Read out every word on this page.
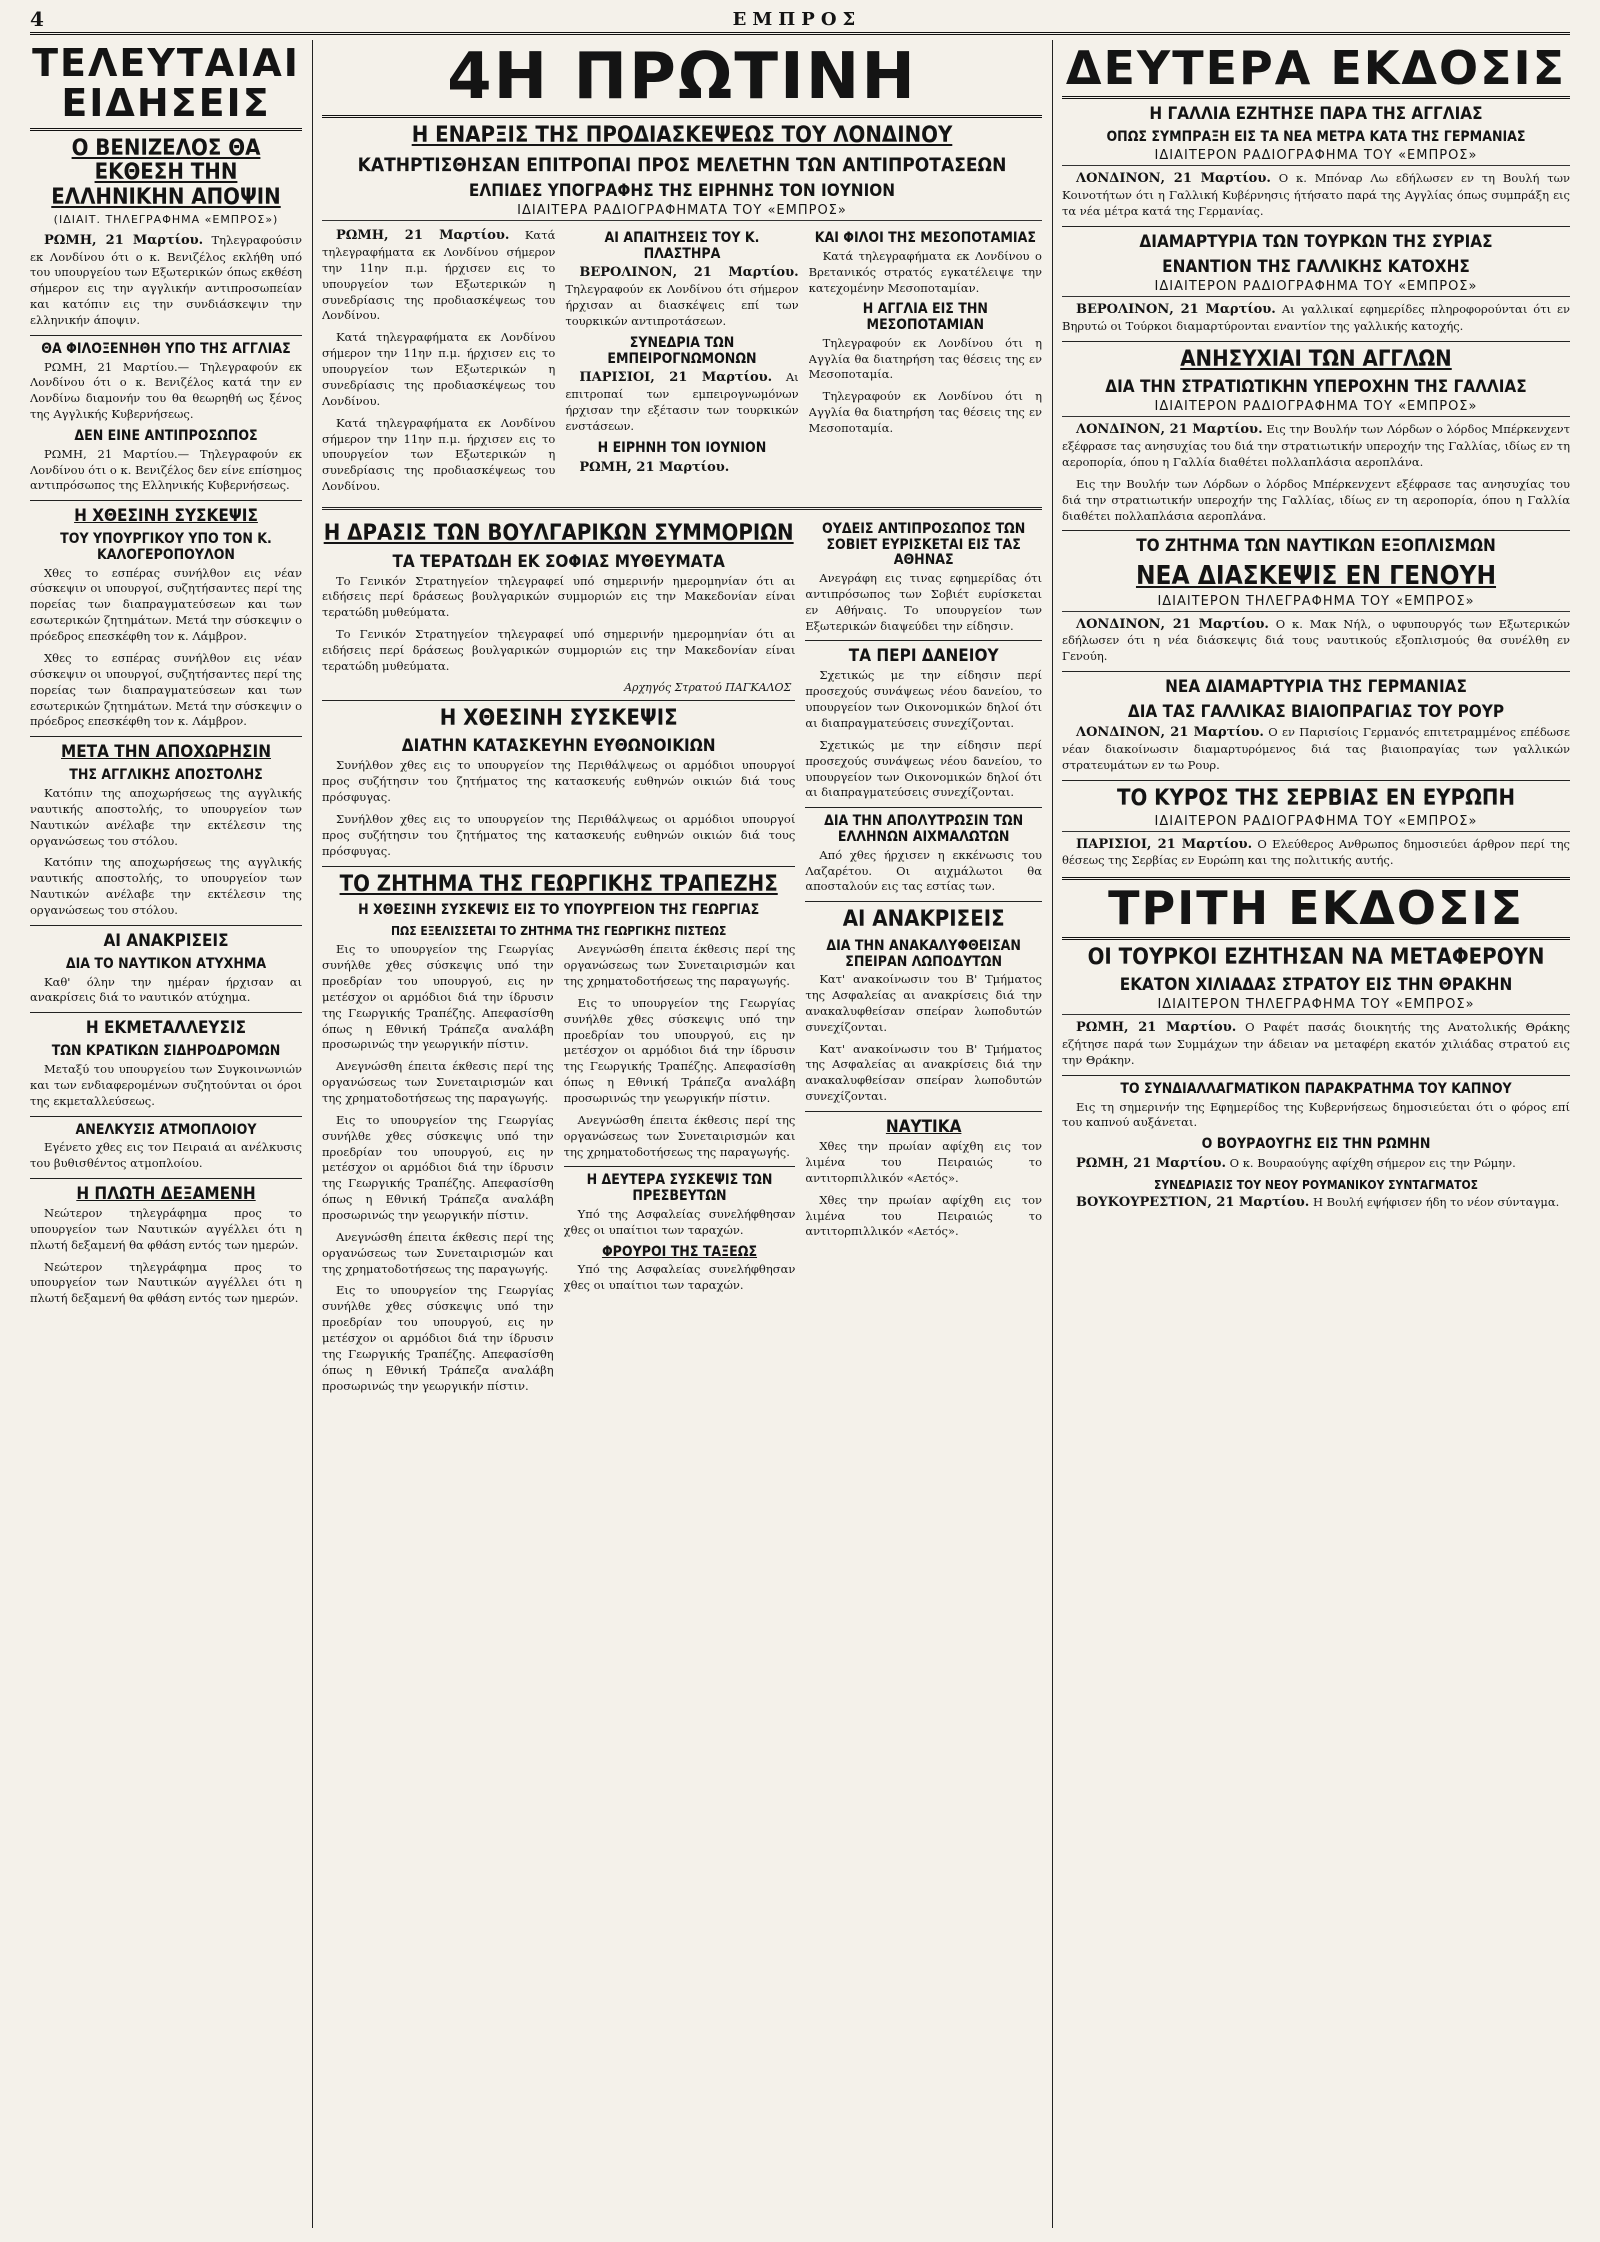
4	ΕΜΠΡΟΣ
ΤΕΛΕΥΤΑΙΑΙ ΕΙΔΗΣΕΙΣ
Ο ΒΕΝΙΖΕΛΟΣ ΘΑ ΕΚΘΕΣΗ ΤΗΝ ΕΛΛΗΝΙΚΗΝ ΑΠΟΨΙΝ
(ΙΔΙΑΙΤ. ΤΗΛΕΓΡΑΦΗΜΑ «ΕΜΠΡΟΣ»)

ΡΩΜΗ, 21 Μαρτίου. Τηλεγραφούσιν εκ Λονδίνου ότι ο κ. Βενιζέλος εκλήθη υπό του υπουργείου των Εξωτερικών όπως εκθέση σήμερον εις την αγγλικήν αντιπροσωπείαν και κατόπιν εις την συνδιάσκεψιν την ελληνικήν άποψιν.

ΘΑ ΦΙΛΟΞΕΝΗΘΗ ΥΠΟ ΤΗΣ ΑΓΓΛΙΑΣ

ΡΩΜΗ, 21 Μαρτίου.— Τηλεγραφούν εκ Λονδίνου ότι ο κ. Βενιζέλος κατά την εν Λονδίνω διαμονήν του θα θεωρηθή ως ξένος της Αγγλικής Κυβερνήσεως.

ΔΕΝ ΕΙΝΕ ΑΝΤΙΠΡΟΣΩΠΟΣ

ΡΩΜΗ, 21 Μαρτίου.— Τηλεγραφούν εκ Λονδίνου ότι ο κ. Βενιζέλος δεν είνε επίσημος αντιπρόσωπος της Ελληνικής Κυβερνήσεως.

Η ΧΘΕΣΙΝΗ ΣΥΣΚΕΨΙΣ
ΤΟΥ ΥΠΟΥΡΓΙΚΟΥ ΥΠΟ ΤΟΝ Κ. ΚΑΛΟΓΕΡΟΠΟΥΛΟΝ

Χθες το εσπέρας συνήλθον εις νέαν σύσκεψιν οι υπουργοί, συζητήσαντες περί της πορείας των διαπραγματεύσεων και των εσωτερικών ζητημάτων. Μετά την σύσκεψιν ο πρόεδρος επεσκέφθη τον κ. Λάμβρον.

Χθες το εσπέρας συνήλθον εις νέαν σύσκεψιν οι υπουργοί, συζητήσαντες περί της πορείας των διαπραγματεύσεων και των εσωτερικών ζητημάτων. Μετά την σύσκεψιν ο πρόεδρος επεσκέφθη τον κ. Λάμβρον.

ΜΕΤΑ ΤΗΝ ΑΠΟΧΩΡΗΣΙΝ
ΤΗΣ ΑΓΓΛΙΚΗΣ ΑΠΟΣΤΟΛΗΣ

Κατόπιν της αποχωρήσεως της αγγλικής ναυτικής αποστολής, το υπουργείον των Ναυτικών ανέλαβε την εκτέλεσιν της οργανώσεως του στόλου.

Κατόπιν της αποχωρήσεως της αγγλικής ναυτικής αποστολής, το υπουργείον των Ναυτικών ανέλαβε την εκτέλεσιν της οργανώσεως του στόλου.

ΑΙ ΑΝΑΚΡΙΣΕΙΣ
ΔΙΑ ΤΟ ΝΑΥΤΙΚΟΝ ΑΤΥΧΗΜΑ

Καθ' όλην την ημέραν ήρχισαν αι ανακρίσεις διά το ναυτικόν ατύχημα.

Η ΕΚΜΕΤΑΛΛΕΥΣΙΣ
ΤΩΝ ΚΡΑΤΙΚΩΝ ΣΙΔΗΡΟΔΡΟΜΩΝ

Μεταξύ του υπουργείου των Συγκοινωνιών και των ενδιαφερομένων συζητούνται οι όροι της εκμεταλλεύσεως.

ΑΝΕΛΚΥΣΙΣ ΑΤΜΟΠΛΟΙΟΥ

Εγένετο χθες εις τον Πειραιά αι ανέλκυσις του βυθισθέντος ατμοπλοίου.

Η ΠΛΩΤΗ ΔΕΞΑΜΕΝΗ

Νεώτερον τηλεγράφημα προς το υπουργείον των Ναυτικών αγγέλλει ότι η πλωτή δεξαμενή θα φθάση εντός των ημερών.

Νεώτερον τηλεγράφημα προς το υπουργείον των Ναυτικών αγγέλλει ότι η πλωτή δεξαμενή θα φθάση εντός των ημερών.

4Η ΠΡΩΤΙΝΗ
Η ΕΝΑΡΞΙΣ ΤΗΣ ΠΡΟΔΙΑΣΚΕΨΕΩΣ ΤΟΥ ΛΟΝΔΙΝΟΥ
ΚΑΤΗΡΤΙΣΘΗΣΑΝ ΕΠΙΤΡΟΠΑΙ ΠΡΟΣ ΜΕΛΕΤΗΝ ΤΩΝ ΑΝΤΙΠΡΟΤΑΣΕΩΝ
ΕΛΠΙΔΕΣ ΥΠΟΓΡΑΦΗΣ ΤΗΣ ΕΙΡΗΝΗΣ ΤΟΝ ΙΟΥΝΙΟΝ
ΙΔΙΑΙΤΕΡΑ ΡΑΔΙΟΓΡΑΦΗΜΑΤΑ ΤΟΥ «ΕΜΠΡΟΣ»

ΡΩΜΗ, 21 Μαρτίου. Κατά τηλεγραφήματα εκ Λονδίνου σήμερον την 11ην π.μ. ήρχισεν εις το υπουργείον των Εξωτερικών η συνεδρίασις της προδιασκέψεως του Λονδίνου.

Κατά τηλεγραφήματα εκ Λονδίνου σήμερον την 11ην π.μ. ήρχισεν εις το υπουργείον των Εξωτερικών η συνεδρίασις της προδιασκέψεως του Λονδίνου.

Κατά τηλεγραφήματα εκ Λονδίνου σήμερον την 11ην π.μ. ήρχισεν εις το υπουργείον των Εξωτερικών η συνεδρίασις της προδιασκέψεως του Λονδίνου.

ΑΙ ΑΠΑΙΤΗΣΕΙΣ ΤΟΥ Κ. ΠΛΑΣΤΗΡΑ

ΒΕΡΟΛΙΝΟΝ, 21 Μαρτίου. Τηλεγραφούν εκ Λονδίνου ότι σήμερον ήρχισαν αι διασκέψεις επί των τουρκικών αντιπροτάσεων.

ΣΥΝΕΔΡΙΑ ΤΩΝ ΕΜΠΕΙΡΟΓΝΩΜΟΝΩΝ

ΠΑΡΙΣΙΟΙ, 21 Μαρτίου. Αι επιτροπαί των εμπειρογνωμόνων ήρχισαν την εξέτασιν των τουρκικών ενστάσεων.

Η ΕΙΡΗΝΗ ΤΟΝ ΙΟΥΝΙΟΝ

ΡΩΜΗ, 21 Μαρτίου.

ΚΑΙ ΦΙΛΟΙ ΤΗΣ ΜΕΣΟΠΟΤΑΜΙΑΣ

Κατά τηλεγραφήματα εκ Λονδίνου ο Βρετανικός στρατός εγκατέλειψε την κατεχομένην Μεσοποταμίαν.

Η ΑΓΓΛΙΑ ΕΙΣ ΤΗΝ ΜΕΣΟΠΟΤΑΜΙΑΝ

Τηλεγραφούν εκ Λονδίνου ότι η Αγγλία θα διατηρήση τας θέσεις της εν Μεσοποταμία.

Τηλεγραφούν εκ Λονδίνου ότι η Αγγλία θα διατηρήση τας θέσεις της εν Μεσοποταμία.

Η ΔΡΑΣΙΣ ΤΩΝ ΒΟΥΛΓΑΡΙΚΩΝ ΣΥΜΜΟΡΙΩΝ
ΤΑ ΤΕΡΑΤΩΔΗ ΕΚ ΣΟΦΙΑΣ ΜΥΘΕΥΜΑΤΑ

Το Γενικόν Στρατηγείον τηλεγραφεί υπό σημερινήν ημερομηνίαν ότι αι ειδήσεις περί δράσεως βουλγαρικών συμμοριών εις την Μακεδονίαν είναι τερατώδη μυθεύματα.

Το Γενικόν Στρατηγείον τηλεγραφεί υπό σημερινήν ημερομηνίαν ότι αι ειδήσεις περί δράσεως βουλγαρικών συμμοριών εις την Μακεδονίαν είναι τερατώδη μυθεύματα.

Αρχηγός Στρατού ΠΑΓΚΑΛΟΣ
Η ΧΘΕΣΙΝΗ ΣΥΣΚΕΨΙΣ
ΔΙΑΤΗΝ ΚΑΤΑΣΚΕΥΗΝ ΕΥΘΩΝΟΙΚΙΩΝ

Συνήλθον χθες εις το υπουργείον της Περιθάλψεως οι αρμόδιοι υπουργοί προς συζήτησιν του ζητήματος της κατασκευής ευθηνών οικιών διά τους πρόσφυγας.

Συνήλθον χθες εις το υπουργείον της Περιθάλψεως οι αρμόδιοι υπουργοί προς συζήτησιν του ζητήματος της κατασκευής ευθηνών οικιών διά τους πρόσφυγας.

ΤΟ ΖΗΤΗΜΑ ΤΗΣ ΓΕΩΡΓΙΚΗΣ ΤΡΑΠΕΖΗΣ
Η ΧΘΕΣΙΝΗ ΣΥΣΚΕΨΙΣ ΕΙΣ ΤΟ ΥΠΟΥΡΓΕΙΟΝ ΤΗΣ ΓΕΩΡΓΙΑΣ
ΠΩΣ ΕΞΕΛΙΣΣΕΤΑΙ ΤΟ ΖΗΤΗΜΑ ΤΗΣ ΓΕΩΡΓΙΚΗΣ ΠΙΣΤΕΩΣ

Εις το υπουργείον της Γεωργίας συνήλθε χθες σύσκεψις υπό την προεδρίαν του υπουργού, εις ην μετέσχον οι αρμόδιοι διά την ίδρυσιν της Γεωργικής Τραπέζης. Απεφασίσθη όπως η Εθνική Τράπεζα αναλάβη προσωρινώς την γεωργικήν πίστιν.

Ανεγνώσθη έπειτα έκθεσις περί της οργανώσεως των Συνεταιρισμών και της χρηματοδοτήσεως της παραγωγής.

Εις το υπουργείον της Γεωργίας συνήλθε χθες σύσκεψις υπό την προεδρίαν του υπουργού, εις ην μετέσχον οι αρμόδιοι διά την ίδρυσιν της Γεωργικής Τραπέζης. Απεφασίσθη όπως η Εθνική Τράπεζα αναλάβη προσωρινώς την γεωργικήν πίστιν.

Ανεγνώσθη έπειτα έκθεσις περί της οργανώσεως των Συνεταιρισμών και της χρηματοδοτήσεως της παραγωγής.

Εις το υπουργείον της Γεωργίας συνήλθε χθες σύσκεψις υπό την προεδρίαν του υπουργού, εις ην μετέσχον οι αρμόδιοι διά την ίδρυσιν της Γεωργικής Τραπέζης. Απεφασίσθη όπως η Εθνική Τράπεζα αναλάβη προσωρινώς την γεωργικήν πίστιν.

Ανεγνώσθη έπειτα έκθεσις περί της οργανώσεως των Συνεταιρισμών και της χρηματοδοτήσεως της παραγωγής.

Εις το υπουργείον της Γεωργίας συνήλθε χθες σύσκεψις υπό την προεδρίαν του υπουργού, εις ην μετέσχον οι αρμόδιοι διά την ίδρυσιν της Γεωργικής Τραπέζης. Απεφασίσθη όπως η Εθνική Τράπεζα αναλάβη προσωρινώς την γεωργικήν πίστιν.

Ανεγνώσθη έπειτα έκθεσις περί της οργανώσεως των Συνεταιρισμών και της χρηματοδοτήσεως της παραγωγής.

Η ΔΕΥΤΕΡΑ ΣΥΣΚΕΨΙΣ ΤΩΝ ΠΡΕΣΒΕΥΤΩΝ

Υπό της Ασφαλείας συνελήφθησαν χθες οι υπαίτιοι των ταραχών.

ΦΡΟΥΡΟΙ ΤΗΣ ΤΑΞΕΩΣ

Υπό της Ασφαλείας συνελήφθησαν χθες οι υπαίτιοι των ταραχών.

ΟΥΔΕΙΣ ΑΝΤΙΠΡΟΣΩΠΟΣ ΤΩΝ ΣΟΒΙΕΤ ΕΥΡΙΣΚΕΤΑΙ ΕΙΣ ΤΑΣ ΑΘΗΝΑΣ

Ανεγράφη εις τινας εφημερίδας ότι αντιπρόσωπος των Σοβιέτ ευρίσκεται εν Αθήναις. Το υπουργείον των Εξωτερικών διαψεύδει την είδησιν.

ΤΑ ΠΕΡΙ ΔΑΝΕΙΟΥ

Σχετικώς με την είδησιν περί προσεχούς συνάψεως νέου δανείου, το υπουργείον των Οικονομικών δηλοί ότι αι διαπραγματεύσεις συνεχίζονται.

Σχετικώς με την είδησιν περί προσεχούς συνάψεως νέου δανείου, το υπουργείον των Οικονομικών δηλοί ότι αι διαπραγματεύσεις συνεχίζονται.

ΔΙΑ ΤΗΝ ΑΠΟΛΥΤΡΩΣΙΝ ΤΩΝ ΕΛΛΗΝΩΝ ΑΙΧΜΑΛΩΤΩΝ

Από χθες ήρχισεν η εκκένωσις του Λαζαρέτου. Οι αιχμάλωτοι θα αποσταλούν εις τας εστίας των.

ΑΙ ΑΝΑΚΡΙΣΕΙΣ
ΔΙΑ ΤΗΝ ΑΝΑΚΑΛΥΦΘΕΙΣΑΝ ΣΠΕΙΡΑΝ ΛΩΠΟΔΥΤΩΝ

Κατ' ανακοίνωσιν του Β' Τμήματος της Ασφαλείας αι ανακρίσεις διά την ανακαλυφθείσαν σπείραν λωποδυτών συνεχίζονται.

Κατ' ανακοίνωσιν του Β' Τμήματος της Ασφαλείας αι ανακρίσεις διά την ανακαλυφθείσαν σπείραν λωποδυτών συνεχίζονται.

ΝΑΥΤΙΚΑ

Χθες την πρωίαν αφίχθη εις τον λιμένα του Πειραιώς το αντιτορπιλλικόν «Αετός».

Χθες την πρωίαν αφίχθη εις τον λιμένα του Πειραιώς το αντιτορπιλλικόν «Αετός».

ΔΕΥΤΕΡΑ ΕΚΔΟΣΙΣ
Η ΓΑΛΛΙΑ ΕΖΗΤΗΣΕ ΠΑΡΑ ΤΗΣ ΑΓΓΛΙΑΣ
ΟΠΩΣ ΣΥΜΠΡΑΞΗ ΕΙΣ ΤΑ ΝΕΑ ΜΕΤΡΑ ΚΑΤΑ ΤΗΣ ΓΕΡΜΑΝΙΑΣ
ΙΔΙΑΙΤΕΡΟΝ ΡΑΔΙΟΓΡΑΦΗΜΑ ΤΟΥ «ΕΜΠΡΟΣ»

ΛΟΝΔΙΝΟΝ, 21 Μαρτίου. Ο κ. Μπόναρ Λω εδήλωσεν εν τη Βουλή των Κοινοτήτων ότι η Γαλλική Κυβέρνησις ήτήσατο παρά της Αγγλίας όπως συμπράξη εις τα νέα μέτρα κατά της Γερμανίας.

ΔΙΑΜΑΡΤΥΡΙΑ ΤΩΝ ΤΟΥΡΚΩΝ ΤΗΣ ΣΥΡΙΑΣ
ΕΝΑΝΤΙΟΝ ΤΗΣ ΓΑΛΛΙΚΗΣ ΚΑΤΟΧΗΣ
ΙΔΙΑΙΤΕΡΟΝ ΡΑΔΙΟΓΡΑΦΗΜΑ ΤΟΥ «ΕΜΠΡΟΣ»

ΒΕΡΟΛΙΝΟΝ, 21 Μαρτίου. Αι γαλλικαί εφημερίδες πληροφορούνται ότι εν Βηρυτώ οι Τούρκοι διαμαρτύρονται εναντίον της γαλλικής κατοχής.

ΑΝΗΣΥΧΙΑΙ ΤΩΝ ΑΓΓΛΩΝ
ΔΙΑ ΤΗΝ ΣΤΡΑΤΙΩΤΙΚΗΝ ΥΠΕΡΟΧΗΝ ΤΗΣ ΓΑΛΛΙΑΣ
ΙΔΙΑΙΤΕΡΟΝ ΡΑΔΙΟΓΡΑΦΗΜΑ ΤΟΥ «ΕΜΠΡΟΣ»

ΛΟΝΔΙΝΟΝ, 21 Μαρτίου. Εις την Βουλήν των Λόρδων ο λόρδος Μπέρκενχεντ εξέφρασε τας ανησυχίας του διά την στρατιωτικήν υπεροχήν της Γαλλίας, ιδίως εν τη αεροπορία, όπου η Γαλλία διαθέτει πολλαπλάσια αεροπλάνα.

Εις την Βουλήν των Λόρδων ο λόρδος Μπέρκενχεντ εξέφρασε τας ανησυχίας του διά την στρατιωτικήν υπεροχήν της Γαλλίας, ιδίως εν τη αεροπορία, όπου η Γαλλία διαθέτει πολλαπλάσια αεροπλάνα.

ΤΟ ΖΗΤΗΜΑ ΤΩΝ ΝΑΥΤΙΚΩΝ ΕΞΟΠΛΙΣΜΩΝ
ΝΕΑ ΔΙΑΣΚΕΨΙΣ ΕΝ ΓΕΝΟΥΗ
ΙΔΙΑΙΤΕΡΟΝ ΤΗΛΕΓΡΑΦΗΜΑ ΤΟΥ «ΕΜΠΡΟΣ»

ΛΟΝΔΙΝΟΝ, 21 Μαρτίου. Ο κ. Μακ Νήλ, ο υφυπουργός των Εξωτερικών εδήλωσεν ότι η νέα διάσκεψις διά τους ναυτικούς εξοπλισμούς θα συνέλθη εν Γενούη.

ΝΕΑ ΔΙΑΜΑΡΤΥΡΙΑ ΤΗΣ ΓΕΡΜΑΝΙΑΣ
ΔΙΑ ΤΑΣ ΓΑΛΛΙΚΑΣ ΒΙΑΙΟΠΡΑΓΙΑΣ ΤΟΥ ΡΟΥΡ

ΛΟΝΔΙΝΟΝ, 21 Μαρτίου. Ο εν Παρισίοις Γερμανός επιτετραμμένος επέδωσε νέαν διακοίνωσιν διαμαρτυρόμενος διά τας βιαιοπραγίας των γαλλικών στρατευμάτων εν τω Ρουρ.

ΤΟ ΚΥΡΟΣ ΤΗΣ ΣΕΡΒΙΑΣ ΕΝ ΕΥΡΩΠΗ
ΙΔΙΑΙΤΕΡΟΝ ΡΑΔΙΟΓΡΑΦΗΜΑ ΤΟΥ «ΕΜΠΡΟΣ»

ΠΑΡΙΣΙΟΙ, 21 Μαρτίου. Ο Ελεύθερος Ανθρωπος δημοσιεύει άρθρον περί της θέσεως της Σερβίας εν Ευρώπη και της πολιτικής αυτής.

ΤΡΙΤΗ ΕΚΔΟΣΙΣ
ΟΙ ΤΟΥΡΚΟΙ ΕΖΗΤΗΣΑΝ ΝΑ ΜΕΤΑΦΕΡΟΥΝ
ΕΚΑΤΟΝ ΧΙΛΙΑΔΑΣ ΣΤΡΑΤΟΥ ΕΙΣ ΤΗΝ ΘΡΑΚΗΝ
ΙΔΙΑΙΤΕΡΟΝ ΤΗΛΕΓΡΑΦΗΜΑ ΤΟΥ «ΕΜΠΡΟΣ»

ΡΩΜΗ, 21 Μαρτίου. Ο Ραφέτ πασάς διοικητής της Ανατολικής Θράκης εζήτησε παρά των Συμμάχων την άδειαν να μεταφέρη εκατόν χιλιάδας στρατού εις την Θράκην.

ΤΟ ΣΥΝΔΙΑΛΛΑΓΜΑΤΙΚΟΝ ΠΑΡΑΚΡΑΤΗΜΑ ΤΟΥ ΚΑΠΝΟΥ

Εις τη σημερινήν της Εφημερίδος της Κυβερνήσεως δημοσιεύεται ότι ο φόρος επί του καπνού αυξάνεται.

Ο ΒΟΥΡΑΟΥΓΗΣ ΕΙΣ ΤΗΝ ΡΩΜΗΝ

ΡΩΜΗ, 21 Μαρτίου. Ο κ. Βουραούγης αφίχθη σήμερον εις την Ρώμην.

ΣΥΝΕΔΡΙΑΣΙΣ ΤΟΥ ΝΕΟΥ ΡΟΥΜΑΝΙΚΟΥ ΣΥΝΤΑΓΜΑΤΟΣ

ΒΟΥΚΟΥΡΕΣΤΙΟΝ, 21 Μαρτίου. Η Βουλή εψήφισεν ήδη το νέον σύνταγμα.
